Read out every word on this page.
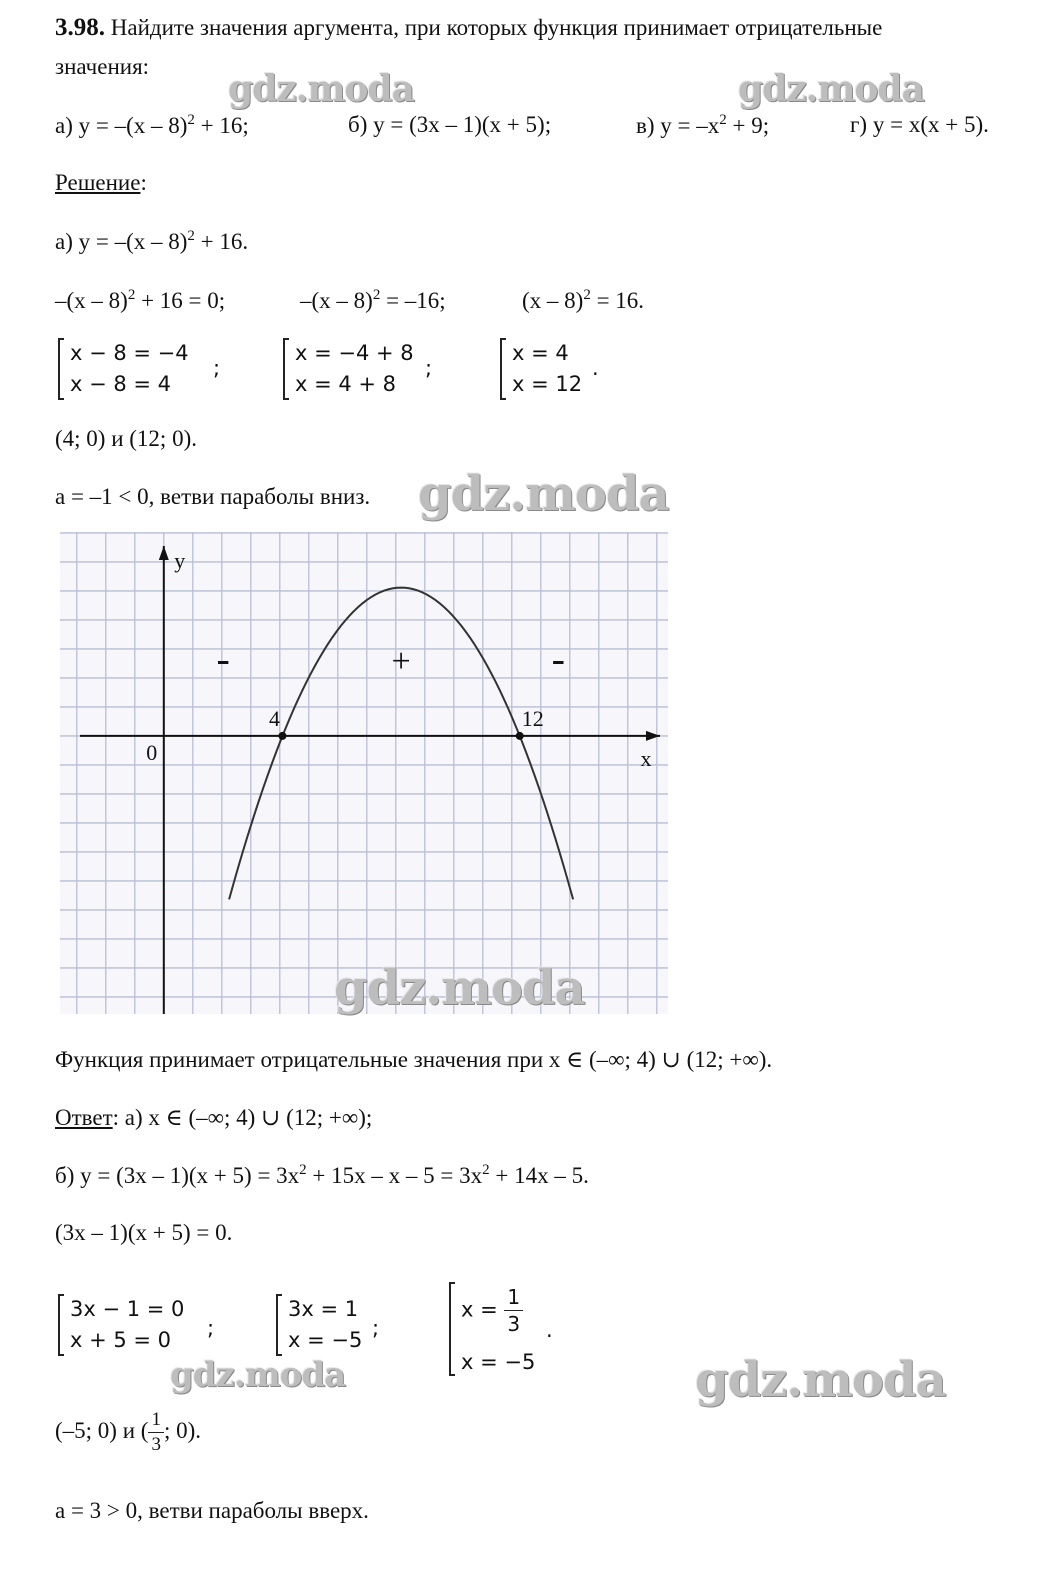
3.98. Найдите значения аргумента, при которых функция принимает отрицательные
значения:
а) y = –(x – 8)$^2$ + 16;	б) y = (3x – 1)(x + 5);	в) $y = -x^2 + 9$;	г) y = x(x + 5).
Решение:
а) y = –(x – 8)$^2$ + 16.
–(x – 8)$^2$ + 16 = 0;	–(x – 8)$^2$ = –16;	(x – 8)$^2$ = 16.
x − 8 = −4
x − 8 = 4
;
x = −4 + 8
x = 4 + 8
;
x = 4
x = 12
.
(4; 0) и (12; 0).
a = –1 < 0, ветви параболы вниз.
4	12
0	x
y
-	+	-
Функция принимает отрицательные значения при x ∈ (–∞; 4) ∪ (12; +∞).
Ответ: а) x ∈ (–∞; 4) ∪ (12; +∞);
б) $y = (3x - 1)(x + 5) = 3x^2 + 15x - x - 5 = 3x^2 + 14x - 5$.
(3x – 1)(x + 5) = 0.
3x − 1 = 0
x + 5 = 0	;
3x = 1
x = −5 ;
$x = \frac{1}{3}$
x = −5
.
(–5; 0) и ( $\frac{1}{3}$ ; 0).
a = 3 > 0, ветви параболы вверх.
gdz.moda	gdz.moda
gdz.moda
gdz.moda
gdz.moda	gdz.moda
